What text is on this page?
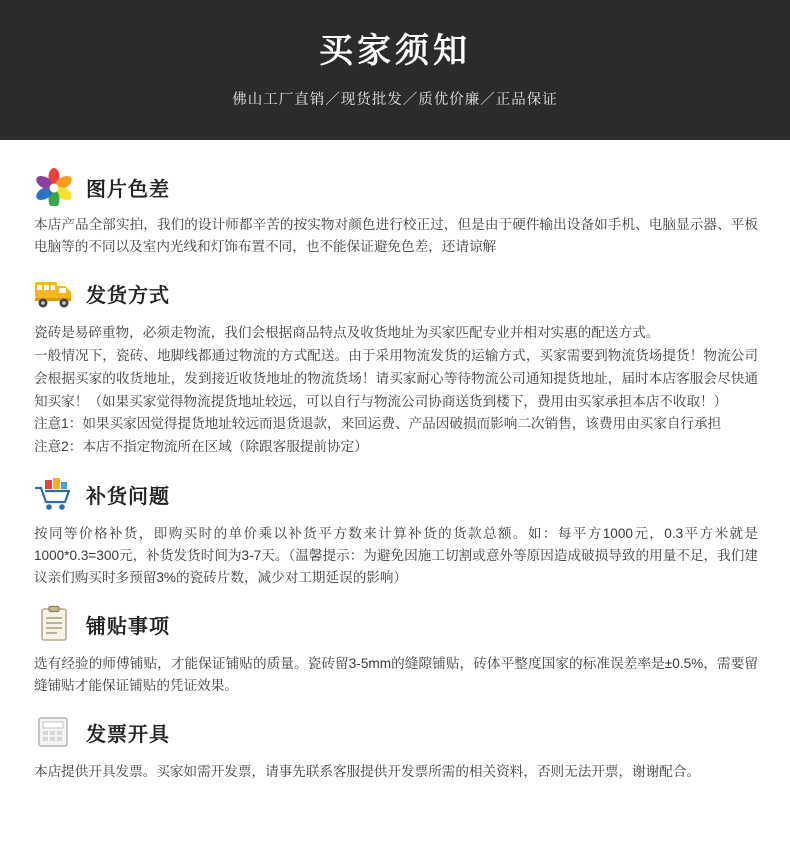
买家须知
佛山工厂直销／现货批发／质优价廉／正品保证
图片色差

本店产品全部实拍，我们的设计师都辛苦的按实物对颜色进行校正过，但是由于硬件输出设备如手机、电脑显示器、平板电脑等的不同以及室内光线和灯饰布置不同，也不能保证避免色差，还请谅解

发货方式

瓷砖是易碎重物，必须走物流，我们会根据商品特点及收货地址为买家匹配专业并相对实惠的配送方式。

一般情况下，瓷砖、地脚线都通过物流的方式配送。由于采用物流发货的运输方式，买家需要到物流货场提货！物流公司会根据买家的收货地址，发到接近收货地址的物流货场！请买家耐心等待物流公司通知提货地址，届时本店客服会尽快通知买家！（如果买家觉得物流提货地址较远，可以自行与物流公司协商送货到楼下，费用由买家承担本店不收取！）

注意1：如果买家因觉得提货地址较远而退货退款，来回运费、产品因破损而影响二次销售，该费用由买家自行承担

注意2：本店不指定物流所在区域（除跟客服提前协定）

补货问题

按同等价格补货，即购买时的单价乘以补货平方数来计算补货的货款总额。如：每平方1000元，0.3平方米就是1000*0.3=300元，补货发货时间为3-7天。（温馨提示：为避免因施工切割或意外等原因造成破损导致的用量不足，我们建议亲们购买时多预留3%的瓷砖片数，减少对工期延误的影响）

铺贴事项

选有经验的师傅铺贴，才能保证铺贴的质量。瓷砖留3-5mm的缝隙铺贴，砖体平整度国家的标准误差率是±0.5%，需要留缝铺贴才能保证铺贴的凭证效果。

发票开具

本店提供开具发票。买家如需开发票，请事先联系客服提供开发票所需的相关资料，否则无法开票，谢谢配合。
